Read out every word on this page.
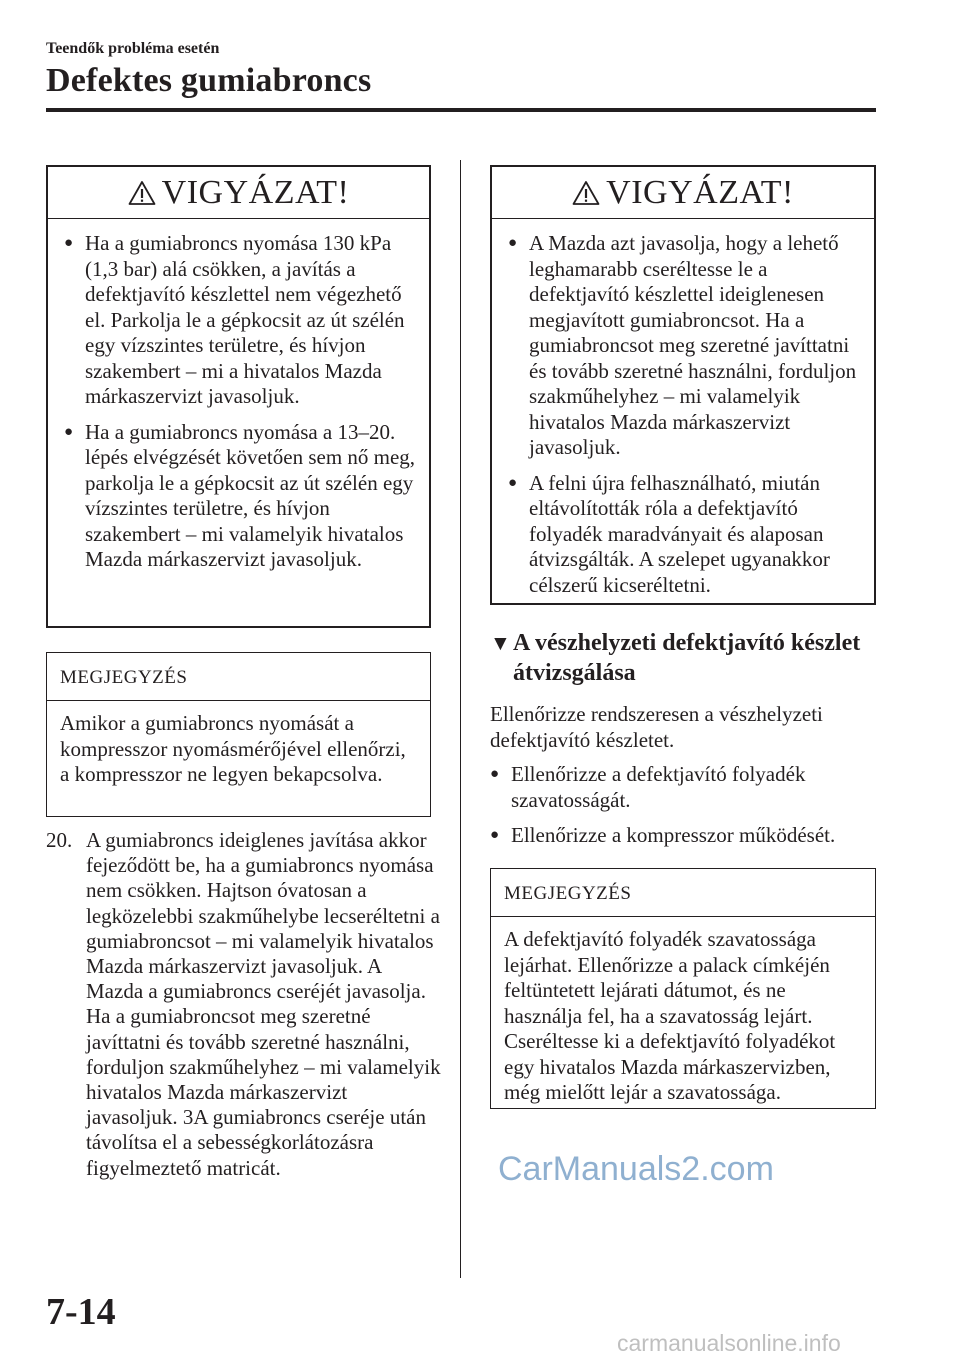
Teendők probléma esetén
Defektes gumiabroncs
VIGYÁZAT!
● Ha a gumiabroncs nyomása 130 kPa (1,3 bar) alá csökken, a javítás a defektjavító készlettel nem végezhető el. Parkolja le a gépkocsit az út szélén egy vízszintes területre, és hívjon szakembert – mi a hivatalos Mazda márkaszervizt javasoljuk.
● Ha a gumiabroncs nyomása a 13–20. lépés elvégzését követően sem nő meg, parkolja le a gépkocsit az út szélén egy vízszintes területre, és hívjon szakembert – mi valamelyik hivatalos Mazda márkaszervizt javasoljuk.
MEGJEGYZÉS
Amikor a gumiabroncs nyomását a kompresszor nyomásmérőjével ellenőrzi, a kompresszor ne legyen bekapcsolva.
20. A gumiabroncs ideiglenes javítása akkor fejeződött be, ha a gumiabroncs nyomása nem csökken. Hajtson óvatosan a legközelebbi szakműhelybe lecseréltetni a gumiabroncsot – mi valamelyik hivatalos Mazda márkaszervizt javasoljuk. A Mazda a gumiabroncs cseréjét javasolja. Ha a gumiabroncsot meg szeretné javíttatni és tovább szeretné használni, forduljon szakműhelyhez – mi valamelyik hivatalos Mazda márkaszervizt javasoljuk. 3A gumiabroncs cseréje után távolítsa el a sebességkorlátozásra figyelmeztető matricát.
VIGYÁZAT!
● A Mazda azt javasolja, hogy a lehető leghamarabb cseréltesse le a defektjavító készlettel ideiglenesen megjavított gumiabroncsot. Ha a gumiabroncsot meg szeretné javíttatni és tovább szeretné használni, forduljon szakműhelyhez – mi valamelyik hivatalos Mazda márkaszervizt javasoljuk.
● A felni újra felhasználható, miután eltávolították róla a defektjavító folyadék maradványait és alaposan átvizsgálták. A szelepet ugyanakkor célszerű kicseréltetni.
▼ A vészhelyzeti defektjavító készlet átvizsgálása
Ellenőrizze rendszeresen a vészhelyzeti defektjavító készletet.
● Ellenőrizze a defektjavító folyadék szavatosságát.
● Ellenőrizze a kompresszor működését.
MEGJEGYZÉS
A defektjavító folyadék szavatossága lejárhat. Ellenőrizze a palack címkéjén feltüntetett lejárati dátumot, és ne használja fel, ha a szavatosság lejárt. Cseréltesse ki a defektjavító folyadékot egy hivatalos Mazda márkaszervizben, még mielőtt lejár a szavatossága.
CarManuals2.com
7-14
carmanualsonline.info
